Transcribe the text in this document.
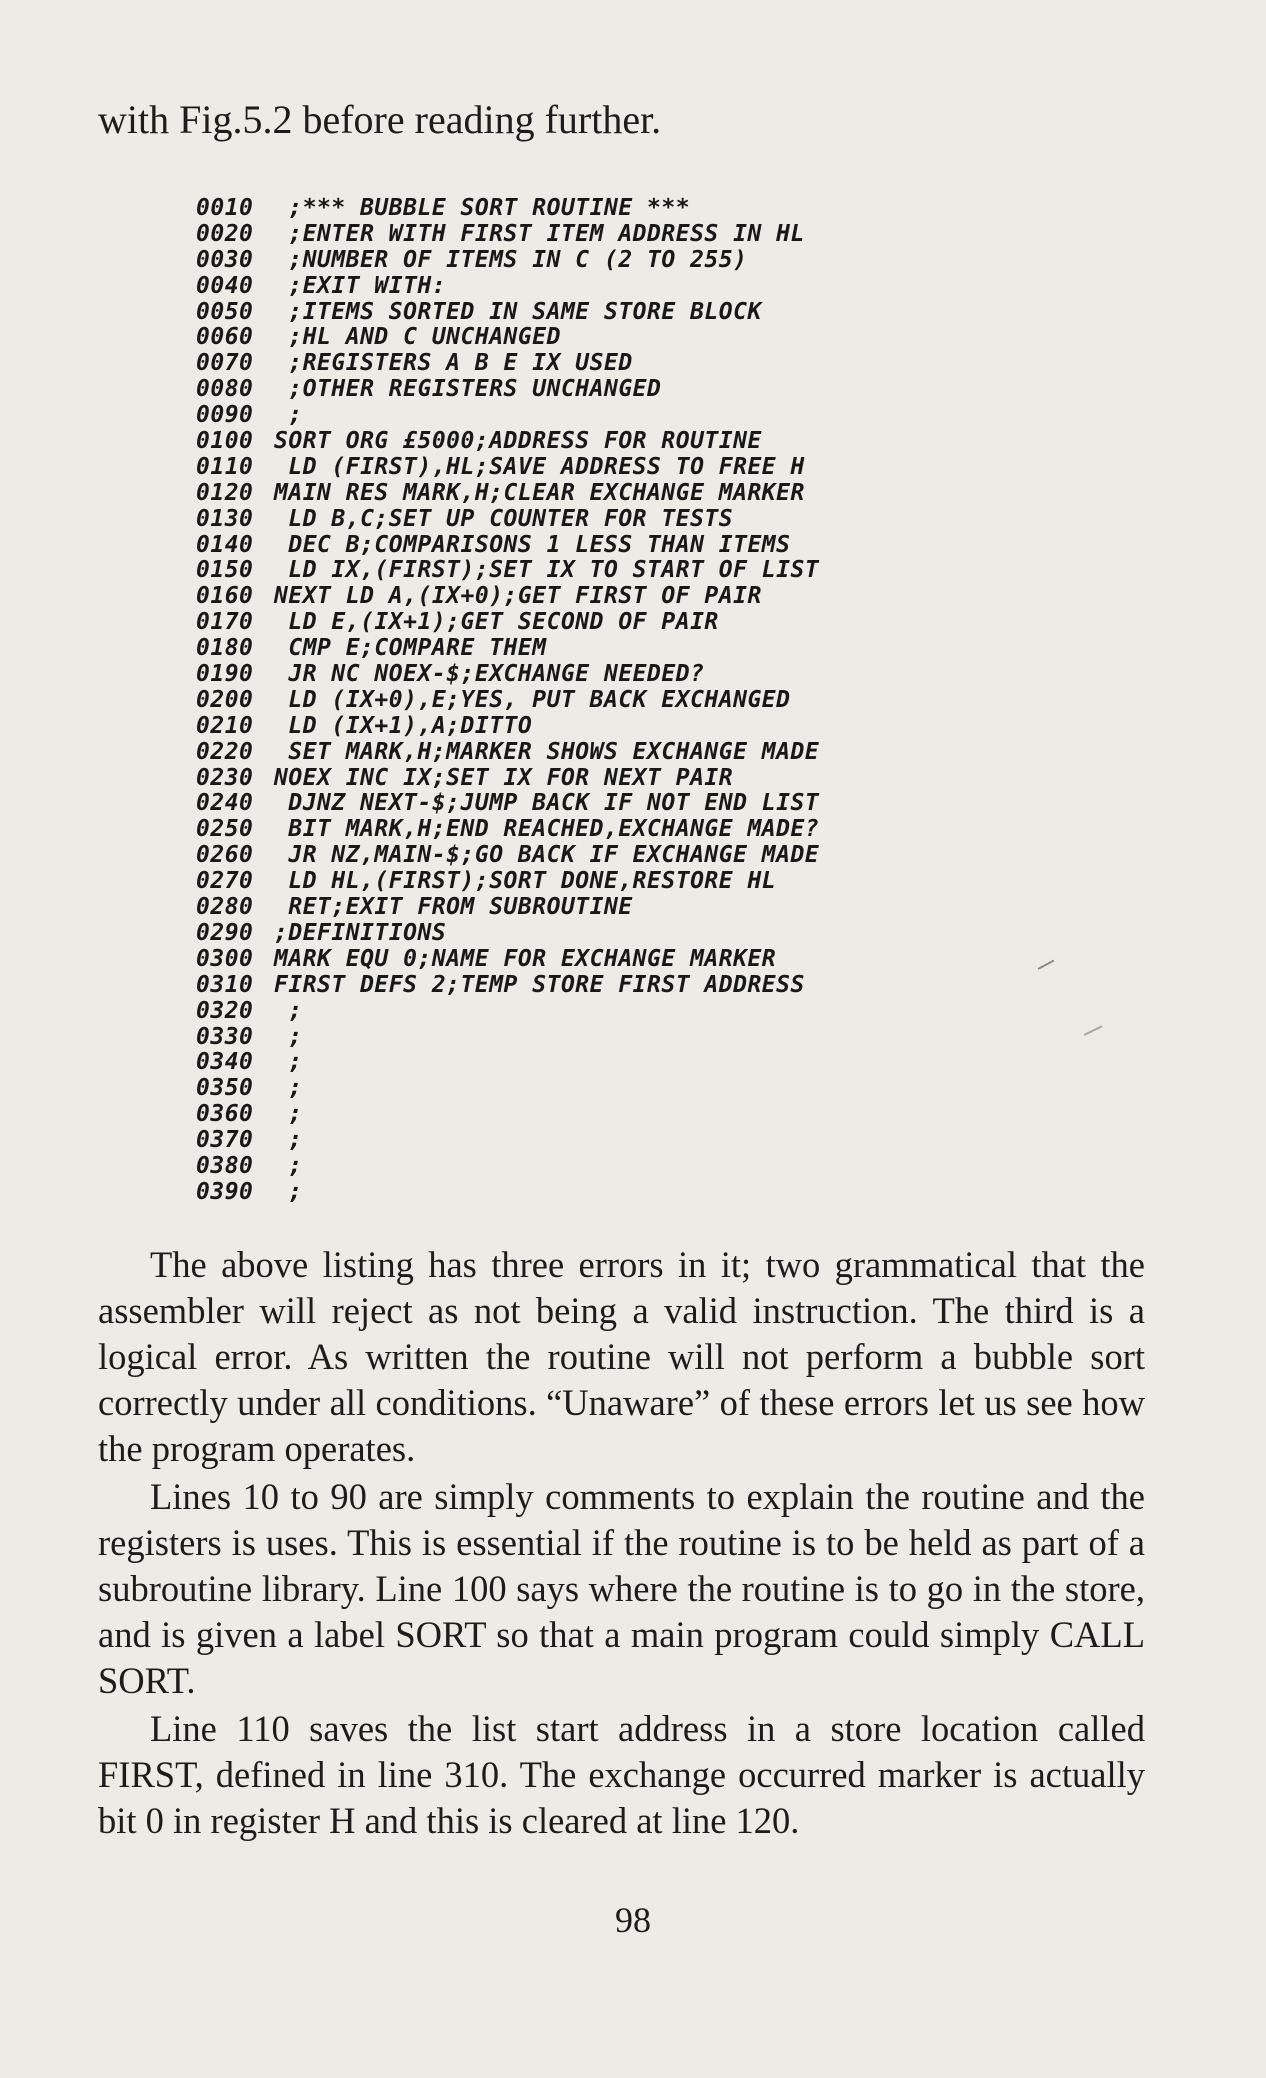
with Fig.5.2 before reading further.

0010 ;*** BUBBLE SORT ROUTINE ***
0020 ;ENTER WITH FIRST ITEM ADDRESS IN HL
0030 ;NUMBER OF ITEMS IN C (2 TO 255)
0040 ;EXIT WITH:
0050 ;ITEMS SORTED IN SAME STORE BLOCK
0060 ;HL AND C UNCHANGED
0070 ;REGISTERS A B E IX USED
0080 ;OTHER REGISTERS UNCHANGED
0090 ;
0100 SORT ORG £5000;ADDRESS FOR ROUTINE
0110 LD (FIRST),HL;SAVE ADDRESS TO FREE H
0120 MAIN RES MARK,H;CLEAR EXCHANGE MARKER
0130 LD B,C;SET UP COUNTER FOR TESTS
0140 DEC B;COMPARISONS 1 LESS THAN ITEMS
0150 LD IX,(FIRST);SET IX TO START OF LIST
0160 NEXT LD A,(IX+0);GET FIRST OF PAIR
0170 LD E,(IX+1);GET SECOND OF PAIR
0180 CMP E;COMPARE THEM
0190 JR NC NOEX-$;EXCHANGE NEEDED?
0200 LD (IX+0),E;YES, PUT BACK EXCHANGED
0210 LD (IX+1),A;DITTO
0220 SET MARK,H;MARKER SHOWS EXCHANGE MADE
0230 NOEX INC IX;SET IX FOR NEXT PAIR
0240 DJNZ NEXT-$;JUMP BACK IF NOT END LIST
0250 BIT MARK,H;END REACHED,EXCHANGE MADE?
0260 JR NZ,MAIN-$;GO BACK IF EXCHANGE MADE
0270 LD HL,(FIRST);SORT DONE,RESTORE HL
0280 RET;EXIT FROM SUBROUTINE
0290 ;DEFINITIONS
0300 MARK EQU 0;NAME FOR EXCHANGE MARKER
0310 FIRST DEFS 2;TEMP STORE FIRST ADDRESS
0320 ;
0330 ;
0340 ;
0350 ;
0360 ;
0370 ;
0380 ;
0390 ;

The above listing has three errors in it; two grammatical that the assembler will reject as not being a valid instruction. The third is a logical error. As written the routine will not perform a bubble sort correctly under all conditions. “Unaware” of these errors let us see how the program operates.

Lines 10 to 90 are simply comments to explain the routine and the registers is uses. This is essential if the routine is to be held as part of a subroutine library. Line 100 says where the routine is to go in the store, and is given a label SORT so that a main program could simply CALL SORT.

Line 110 saves the list start address in a store location called FIRST, defined in line 310. The exchange occurred marker is actually bit 0 in register H and this is cleared at line 120.

98
